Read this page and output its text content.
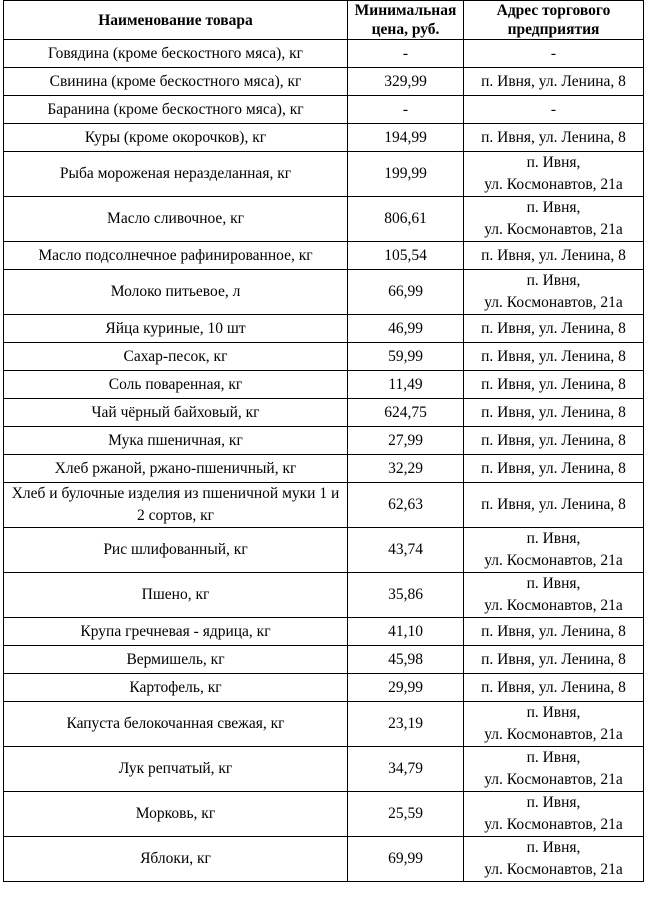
Наименование товара	Минимальная цена, руб.	Адрес торгового предприятия
Говядина (кроме бескостного мяса), кг	-	-

Свинина (кроме бескостного мяса), кг	329,99	п. Ивня, ул. Ленина, 8

Баранина (кроме бескостного мяса), кг	-	-

Куры (кроме окорочков), кг	194,99	п. Ивня, ул. Ленина, 8

Рыба мороженая неразделанная, кг	199,99	п. Ивня,
ул. Космонавтов, 21а

Масло сливочное, кг	806,61	п. Ивня,
ул. Космонавтов, 21а

Масло подсолнечное рафинированное, кг	105,54	п. Ивня, ул. Ленина, 8

Молоко питьевое, л	66,99	п. Ивня,
ул. Космонавтов, 21а

Яйца куриные, 10 шт	46,99	п. Ивня, ул. Ленина, 8

Сахар-песок, кг	59,99	п. Ивня, ул. Ленина, 8

Соль поваренная, кг	11,49	п. Ивня, ул. Ленина, 8

Чай чёрный байховый, кг	624,75	п. Ивня, ул. Ленина, 8

Мука пшеничная, кг	27,99	п. Ивня, ул. Ленина, 8

Хлеб ржаной, ржано-пшеничный, кг	32,29	п. Ивня, ул. Ленина, 8

Хлеб и булочные изделия из пшеничной муки 1 и 2 сортов, кг	62,63	п. Ивня, ул. Ленина, 8

Рис шлифованный, кг	43,74	п. Ивня,
ул. Космонавтов, 21а

Пшено, кг	35,86	п. Ивня,
ул. Космонавтов, 21а

Крупа гречневая - ядрица, кг	41,10	п. Ивня, ул. Ленина, 8

Вермишель, кг	45,98	п. Ивня, ул. Ленина, 8

Картофель, кг	29,99	п. Ивня, ул. Ленина, 8

Капуста белокочанная свежая, кг	23,19	п. Ивня,
ул. Космонавтов, 21а

Лук репчатый, кг	34,79	п. Ивня,
ул. Космонавтов, 21а

Морковь, кг	25,59	п. Ивня,
ул. Космонавтов, 21а

Яблоки, кг	69,99	п. Ивня,
ул. Космонавтов, 21а
